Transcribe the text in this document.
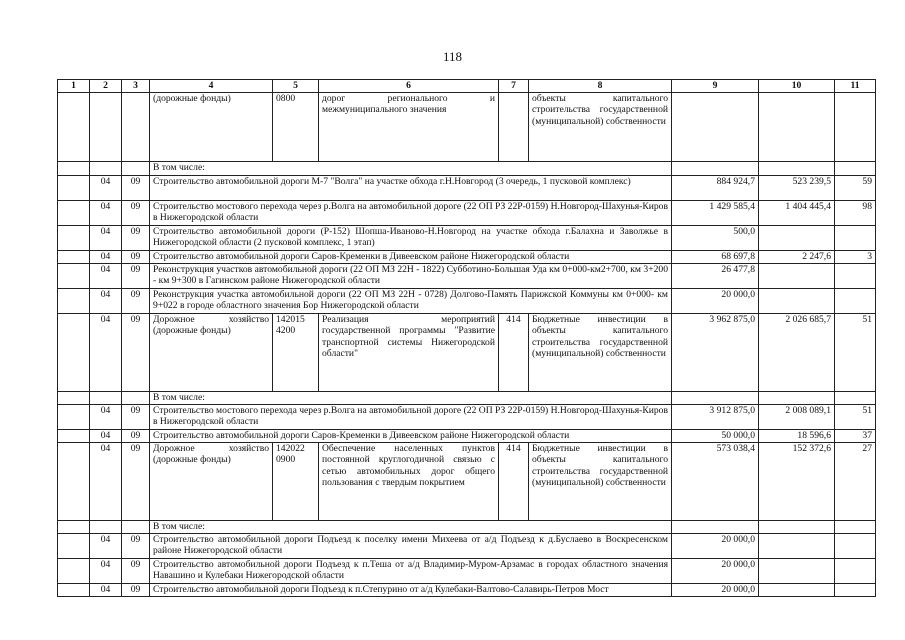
118
1	2	3	4	5	6	7	8	9	10	11
			(дорожные фонды)	0800	дорог регионального и межмуниципального значения		объекты капитального строительства государственной (муниципальной) собственности			
			В том числе:							
	04	09	Строительство автомобильной дороги М-7 "Волга" на участке обхода г.Н.Новгород (3 очередь, 1 пусковой комплекс)					884 924,7	523 239,5	59
	04	09	Строительство мостового перехода через р.Волга на автомобильной дороге (22 ОП РЗ 22Р-0159) Н.Новгород-Шахунья-Киров в Нижегородской области					1 429 585,4	1 404 445,4	98
	04	09	Строительство автомобильной дороги (Р-152) Шопша-Иваново-Н.Новгород на участке обхода г.Балахна и Заволжье в Нижегородской области (2 пусковой комплекс, 1 этап)					500,0		
	04	09	Строительство автомобильной дороги Саров-Кременки в Дивеевском районе Нижегородской области					68 697,8	2 247,6	3
	04	09	Реконструкция участков автомобильной дороги (22 ОП МЗ 22Н - 1822) Субботино-Большая Уда км 0+000-км2+700, км 3+200 - км 9+300 в Гагинском районе Нижегородской области					26 477,8		
	04	09	Реконструкция участка автомобильной дороги (22 ОП МЗ 22Н - 0728) Долгово-Память Парижской Коммуны км 0+000- км 9+022 в городе областного значения Бор Нижегородской области					20 000,0		
	04	09	Дорожное хозяйство (дорожные фонды)	142015 4200	Реализация мероприятий государственной программы "Развитие транспортной системы Нижегородской области"	414	Бюджетные инвестиции в объекты капитального строительства государственной (муниципальной) собственности	3 962 875,0	2 026 685,7	51
			В том числе:							
	04	09	Строительство мостового перехода через р.Волга на автомобильной дороге (22 ОП РЗ 22Р-0159) Н.Новгород-Шахунья-Киров в Нижегородской области					3 912 875,0	2 008 089,1	51
	04	09	Строительство автомобильной дороги Саров-Кременки в Дивеевском районе Нижегородской области					50 000,0	18 596,6	37
	04	09	Дорожное хозяйство (дорожные фонды)	142022 0900	Обеспечение населенных пунктов постоянной круглогодичной связью с сетью автомобильных дорог общего пользования с твердым покрытием	414	Бюджетные инвестиции в объекты капитального строительства государственной (муниципальной) собственности	573 038,4	152 372,6	27
			В том числе:							
	04	09	Строительство автомобильной дороги Подъезд к поселку имени Михеева от а/д Подъезд к д.Буслаево в Воскресенском районе Нижегородской области					20 000,0		
	04	09	Строительство автомобильной дороги Подъезд к п.Теша от а/д Владимир-Муром-Арзамас в городах областного значения Навашино и Кулебаки Нижегородской области					20 000,0		
	04	09	Строительство автомобильной дороги Подъезд к п.Степурино от а/д Кулебаки-Валтово-Салавирь-Петров Мост					20 000,0		
